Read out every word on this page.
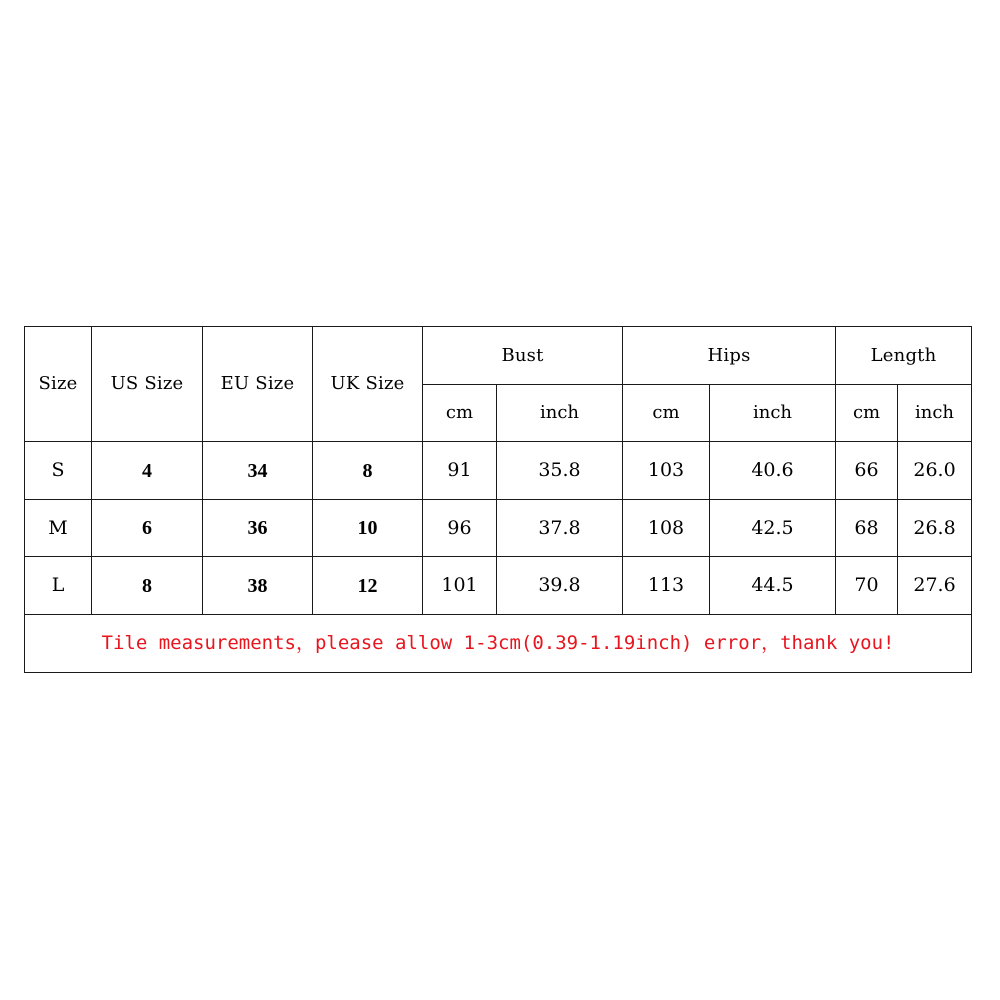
Size	US Size	EU Size	UK Size	Bust		Hips		Length	
				cm	inch	cm	inch	cm	inch
S	4	34	8	91	35.8	103	40.6	66	26.0
M	6	36	10	96	37.8	108	42.5	68	26.8
L	8	38	12	101	39.8	113	44.5	70	27.6
Tile measurements，please allow 1-3cm(0.39-1.19inch) error，thank you!									
